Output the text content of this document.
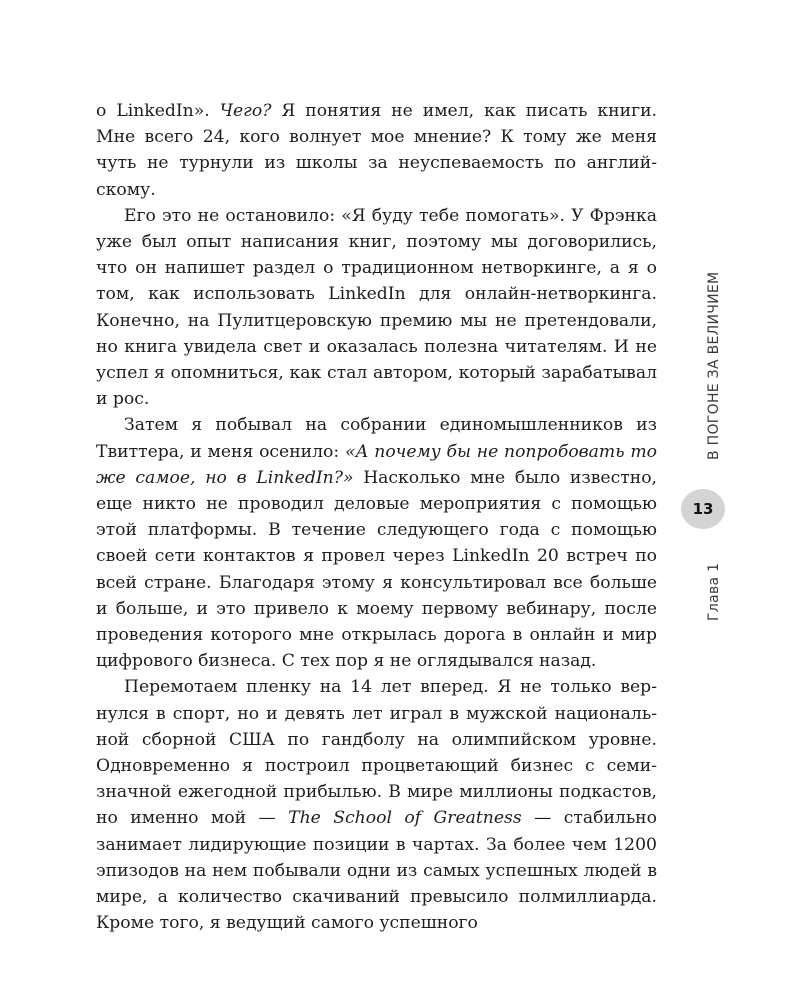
о LinkedIn». Чего? Я понятия не имел, как писать книги. Мне всего 24, кого волнует мое мнение? К тому же меня чуть не турнули из школы за неуспеваемость по английскому.

Его это не остановило: «Я буду тебе помогать». У Фрэнка уже был опыт написания книг, поэтому мы договорились, что он напишет раздел о традиционном нетворкинге, а я о том, как использовать LinkedIn для онлайн-нетворкинга. Конечно, на Пулитцеровскую премию мы не претендовали, но книга увидела свет и оказалась полезна читателям. И не успел я опомниться, как стал автором, который зарабатывал и рос.

Затем я побывал на собрании единомышленников из Твиттера, и меня осенило: «А почему бы не попробовать то же самое, но в LinkedIn?» Насколько мне было известно, еще никто не проводил деловые мероприятия с помощью этой платформы. В течение следующего года с помощью своей сети контактов я провел через LinkedIn 20 встреч по всей стране. Благодаря этому я консультировал все больше и больше, и это привело к моему первому вебинару, после проведения которого мне открылась дорога в онлайн и мир цифрового бизнеса. С тех пор я не оглядывался назад.

Перемотаем пленку на 14 лет вперед. Я не только вернулся в спорт, но и девять лет играл в мужской национальной сборной США по гандболу на олимпийском уровне. Одновременно я построил процветающий бизнес с семизначной ежегодной прибылью. В мире миллионы подкастов, но именно мой — The School of Greatness — стабильно занимает лидирующие позиции в чартах. За более чем 1200 эпизодов на нем побывали одни из самых успешных людей в мире, а количество скачиваний превысило полмиллиарда. Кроме того, я ведущий самого успешного

В ПОГОНЕ ЗА ВЕЛИЧИЕМ
13
Глава 1
